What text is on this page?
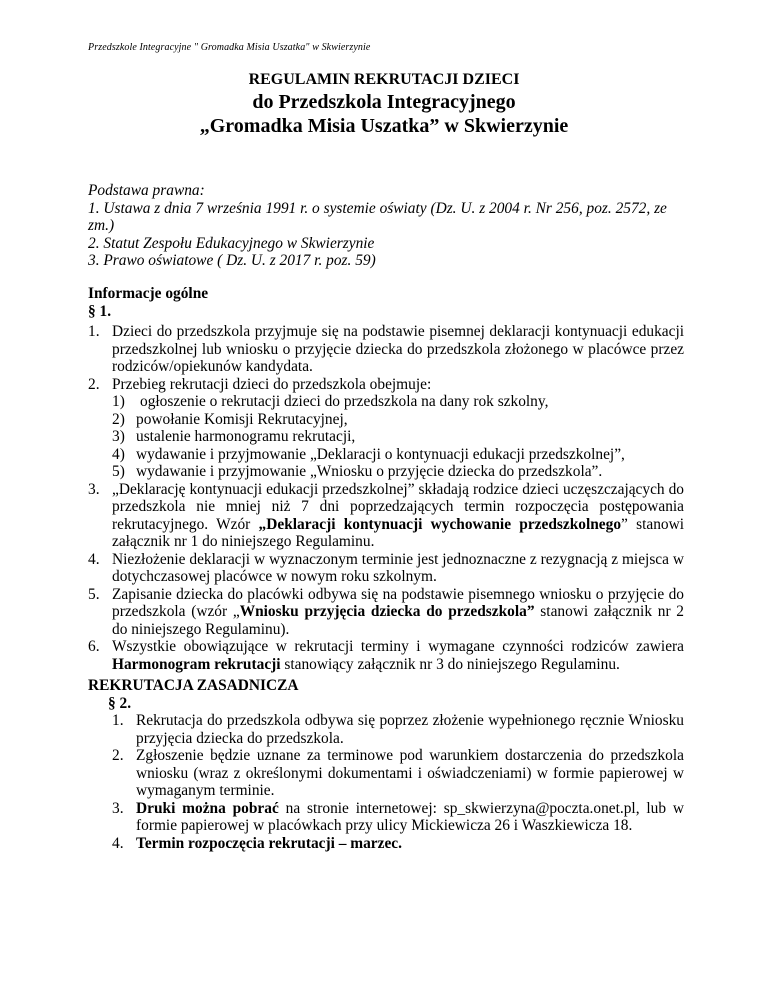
Przedszkole Integracyjne " Gromadka Misia Uszatka" w Skwierzynie
REGULAMIN REKRUTACJI DZIECI
do Przedszkola Integracyjnego
„Gromadka Misia Uszatka” w Skwierzynie
Podstawa prawna:
1. Ustawa z dnia 7 września 1991 r. o systemie oświaty (Dz. U. z 2004 r. Nr 256, poz. 2572, ze zm.)
2. Statut Zespołu Edukacyjnego w Skwierzynie
3. Prawo oświatowe ( Dz. U. z 2017 r. poz. 59)
Informacje ogólne
§ 1.
1. Dzieci do przedszkola przyjmuje się na podstawie pisemnej deklaracji kontynuacji edukacji przedszkolnej lub wniosku o przyjęcie dziecka do przedszkola złożonego w placówce przez rodziców/opiekunów kandydata.
2. Przebieg rekrutacji dzieci do przedszkola obejmuje:
1) ogłoszenie o rekrutacji dzieci do przedszkola na dany rok szkolny,
2) powołanie Komisji Rekrutacyjnej,
3) ustalenie harmonogramu rekrutacji,
4) wydawanie i przyjmowanie „Deklaracji o kontynuacji edukacji przedszkolnej”,
5) wydawanie i przyjmowanie „Wniosku o przyjęcie dziecka do przedszkola”.
3. „Deklarację kontynuacji edukacji przedszkolnej” składają rodzice dzieci uczęszczających do przedszkola nie mniej niż 7 dni poprzedzających termin rozpoczęcia postępowania rekrutacyjnego. Wzór „Deklaracji kontynuacji wychowanie przedszkolnego” stanowi załącznik nr 1 do niniejszego Regulaminu.
4. Niezłożenie deklaracji w wyznaczonym terminie jest jednoznaczne z rezygnacją z miejsca w dotychczasowej placówce w nowym roku szkolnym.
5. Zapisanie dziecka do placówki odbywa się na podstawie pisemnego wniosku o przyjęcie do przedszkola (wzór „Wniosku przyjęcia dziecka do przedszkola” stanowi załącznik nr 2 do niniejszego Regulaminu).
6. Wszystkie obowiązujące w rekrutacji terminy i wymagane czynności rodziców zawiera Harmonogram rekrutacji stanowiący załącznik nr 3 do niniejszego Regulaminu.
REKRUTACJA ZASADNICZA
§ 2.
1. Rekrutacja do przedszkola odbywa się poprzez złożenie wypełnionego ręcznie Wniosku przyjęcia dziecka do przedszkola.
2. Zgłoszenie będzie uznane za terminowe pod warunkiem dostarczenia do przedszkola wniosku (wraz z określonymi dokumentami i oświadczeniami) w formie papierowej w wymaganym terminie.
3. Druki można pobrać na stronie internetowej: sp_skwierzyna@poczta.onet.pl, lub w formie papierowej w placówkach przy ulicy Mickiewicza 26 i Waszkiewicza 18.
4. Termin rozpoczęcia rekrutacji – marzec.
